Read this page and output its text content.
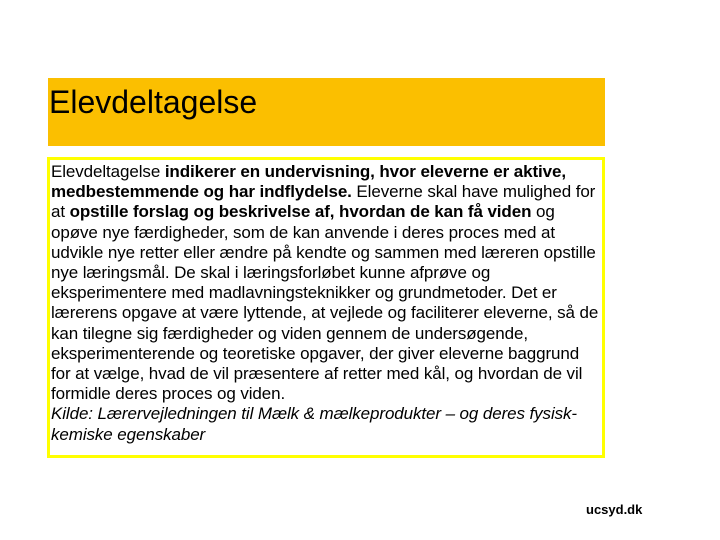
Elevdeltagelse

Elevdeltagelse indikerer en undervisning, hvor eleverne er aktive, medbestemmende og har indflydelse. Eleverne skal have mulighed for at opstille forslag og beskrivelse af, hvordan de kan få viden og opøve nye færdigheder, som de kan anvende i deres proces med at udvikle nye retter eller ændre på kendte og sammen med læreren opstille nye læringsmål. De skal i læringsforløbet kunne afprøve og eksperimentere med madlavningsteknikker og grundmetoder. Det er lærerens opgave at være lyttende, at vejlede og faciliterer eleverne, så de kan tilegne sig færdigheder og viden gennem de undersøgende, eksperimenterende og teoretiske opgaver, der giver eleverne baggrund for at vælge, hvad de vil præsentere af retter med kål, og hvordan de vil formidle deres proces og viden.
Kilde: Lærervejledningen til Mælk & mælkeprodukter – og deres fysisk-kemiske egenskaber

ucsyd.dk
